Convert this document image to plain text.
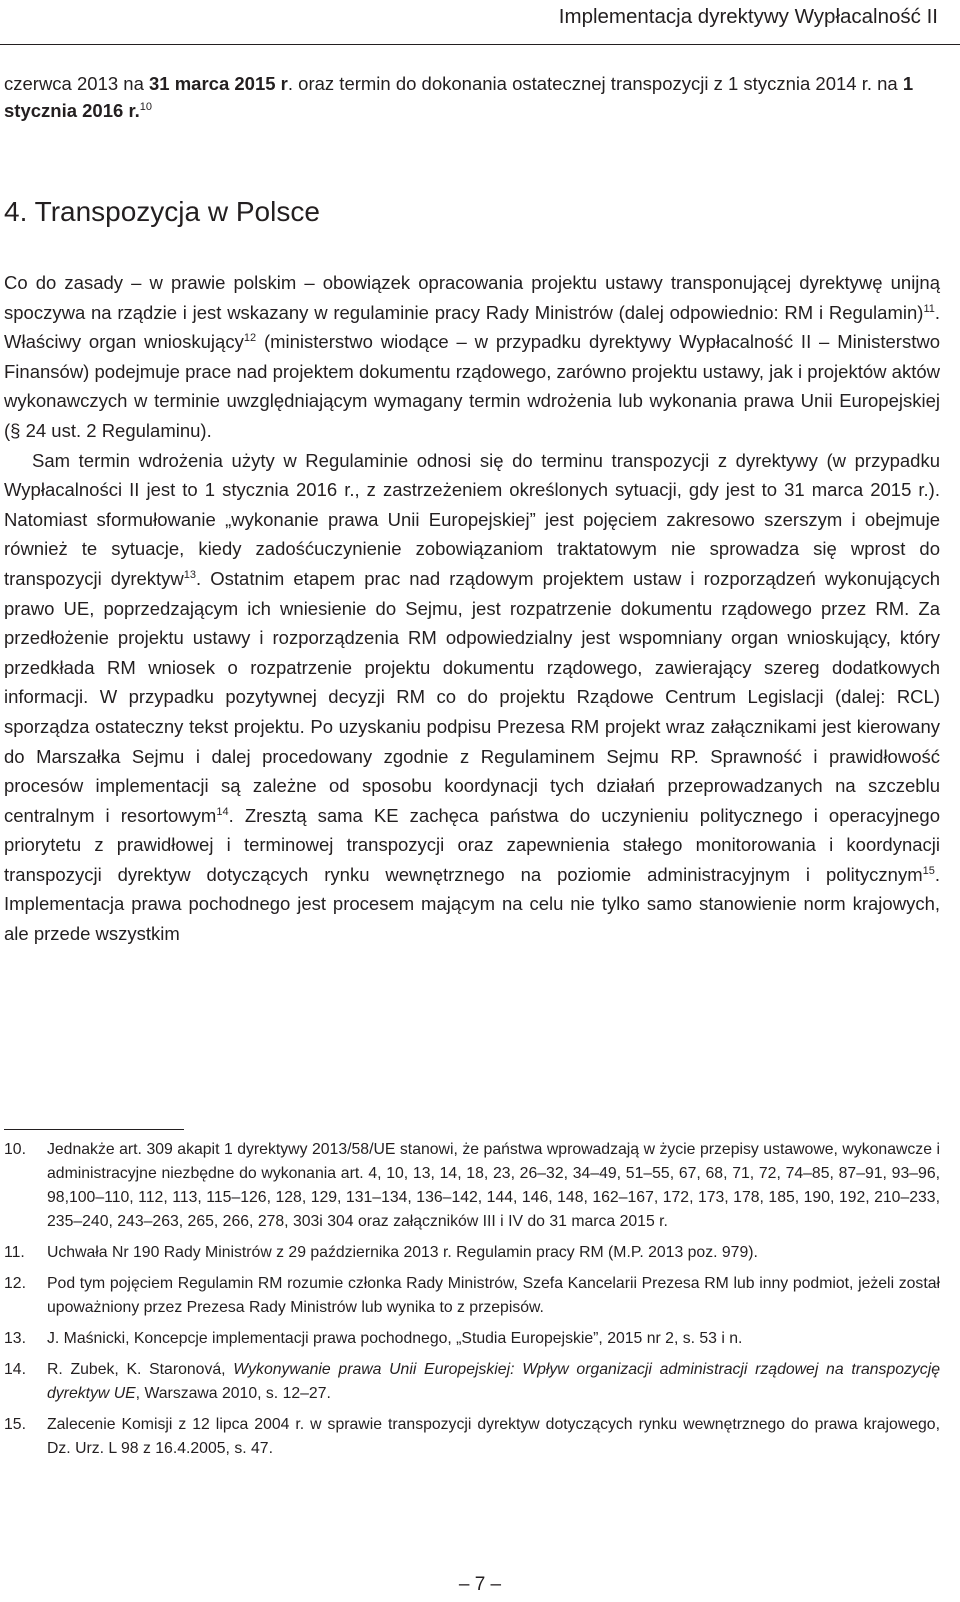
Implementacja dyrektywy Wypłacalność II

czerwca 2013 na 31 marca 2015 r. oraz termin do dokonania ostatecznej transpozycji z 1 stycznia 2014 r. na 1 stycznia 2016 r.$^{10}$

4. Transpozycja w Polsce

Co do zasady – w prawie polskim – obowiązek opracowania projektu ustawy transponującej dyrektywę unijną spoczywa na rządzie i jest wskazany w regulaminie pracy Rady Ministrów (dalej odpowiednio: RM i Regulamin)$^{11}$. Właściwy organ wnioskujący$^{12}$ (ministerstwo wiodące – w przypadku dyrektywy Wypłacalność II – Ministerstwo Finansów) podejmuje prace nad projektem dokumentu rządowego, zarówno projektu ustawy, jak i projektów aktów wykonawczych w terminie uwzględniającym wymagany termin wdrożenia lub wykonania prawa Unii Europejskiej (§ 24 ust. 2 Regulaminu).

Sam termin wdrożenia użyty w Regulaminie odnosi się do terminu transpozycji z dyrektywy (w przypadku Wypłacalności II jest to 1 stycznia 2016 r., z zastrzeżeniem określonych sytuacji, gdy jest to 31 marca 2015 r.). Natomiast sformułowanie „wykonanie prawa Unii Europejskiej” jest pojęciem zakresowo szerszym i obejmuje również te sytuacje, kiedy zadośćuczynienie zobowiązaniom traktatowym nie sprowadza się wprost do transpozycji dyrektyw$^{13}$. Ostatnim etapem prac nad rządowym projektem ustaw i rozporządzeń wykonujących prawo UE, poprzedzającym ich wniesienie do Sejmu, jest rozpatrzenie dokumentu rządowego przez RM. Za przedłożenie projektu ustawy i rozporządzenia RM odpowiedzialny jest wspomniany organ wnioskujący, który przedkłada RM wniosek o rozpatrzenie projektu dokumentu rządowego, zawierający szereg dodatkowych informacji. W przypadku pozytywnej decyzji RM co do projektu Rządowe Centrum Legislacji (dalej: RCL) sporządza ostateczny tekst projektu. Po uzyskaniu podpisu Prezesa RM projekt wraz załącznikami jest kierowany do Marszałka Sejmu i dalej procedowany zgodnie z Regulaminem Sejmu RP. Sprawność i prawidłowość procesów implementacji są zależne od sposobu koordynacji tych działań przeprowadzanych na szczeblu centralnym i resortowym$^{14}$. Zresztą sama KE zachęca państwa do uczynieniu politycznego i operacyjnego priorytetu z prawidłowej i terminowej transpozycji oraz zapewnienia stałego monitorowania i koordynacji transpozycji dyrektyw dotyczących rynku wewnętrznego na poziomie administracyjnym i politycznym$^{15}$. Implementacja prawa pochodnego jest procesem mającym na celu nie tylko samo stanowienie norm krajowych, ale przede wszystkim

10.	Jednakże art. 309 akapit 1 dyrektywy 2013/58/UE stanowi, że państwa wprowadzają w życie przepisy ustawowe, wykonawcze i administracyjne niezbędne do wykonania art. 4, 10, 13, 14, 18, 23, 26–32, 34–49, 51–55, 67, 68, 71, 72, 74–85, 87–91, 93–96, 98,100–110, 112, 113, 115–126, 128, 129, 131–134, 136–142, 144, 146, 148, 162–167, 172, 173, 178, 185, 190, 192, 210–233, 235–240, 243–263, 265, 266, 278, 303i 304 oraz załączników III i IV do 31 marca 2015 r.
11.	Uchwała Nr 190 Rady Ministrów z 29 października 2013 r. Regulamin pracy RM (M.P. 2013 poz. 979).
12.	Pod tym pojęciem Regulamin RM rozumie członka Rady Ministrów, Szefa Kancelarii Prezesa RM lub inny podmiot, jeżeli został upoważniony przez Prezesa Rady Ministrów lub wynika to z przepisów.
13.	J. Maśnicki, Koncepcje implementacji prawa pochodnego, „Studia Europejskie”, 2015 nr 2, s. 53 i n.
14.	R. Zubek, K. Staronová, Wykonywanie prawa Unii Europejskiej: Wpływ organizacji administracji rządowej na transpozycję dyrektyw UE, Warszawa 2010, s. 12–27.
15.	Zalecenie Komisji z 12 lipca 2004 r. w sprawie transpozycji dyrektyw dotyczących rynku wewnętrznego do prawa krajowego, Dz. Urz. L 98 z 16.4.2005, s. 47.
– 7 –
